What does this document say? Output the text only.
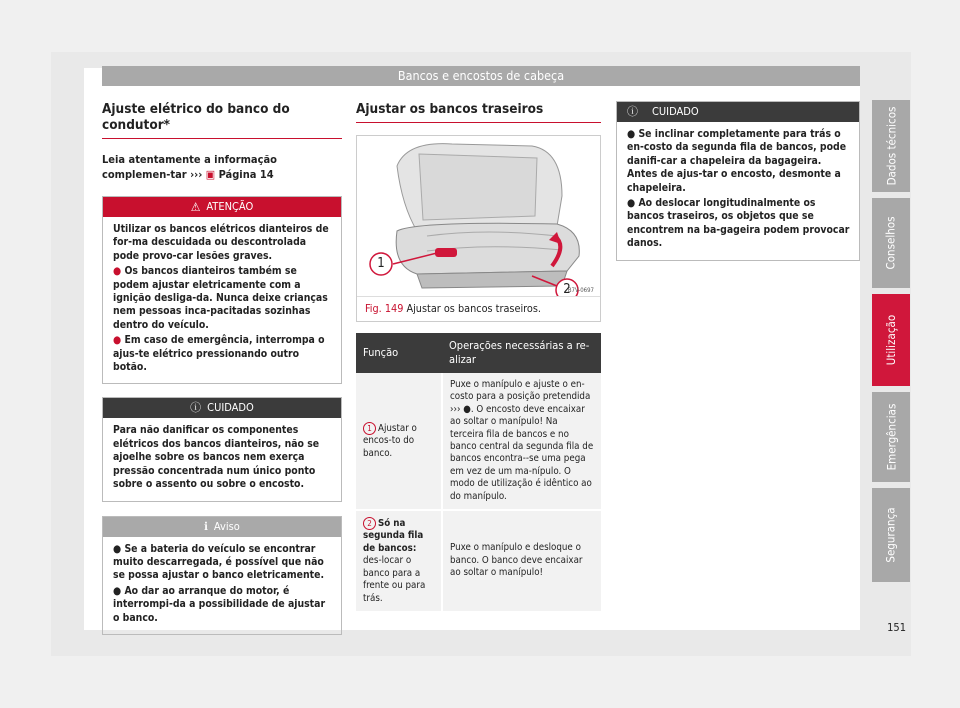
Bancos e encostos de cabeça
Dados técnicos
Conselhos
Utilização
Emergências
Segurança
Ajuste elétrico do banco do condutor*
Leia atentamente a informação complemen-tar ››› ▣ Página 14
⚠ ATENÇÃO

Utilizar os bancos elétricos dianteiros de for-ma descuidada ou descontrolada pode provo-car lesões graves.

● Os bancos dianteiros também se podem ajustar eletricamente com a ignição desliga-da. Nunca deixe crianças nem pessoas inca-pacitadas sozinhas dentro do veículo.

● Em caso de emergência, interrompa o ajus-te elétrico pressionando outro botão.

ⓘ CUIDADO

Para não danificar os componentes elétricos dos bancos dianteiros, não se ajoelhe sobre os bancos nem exerça pressão concentrada num único ponto sobre o assento ou sobre o encosto.

ℹ Aviso

● Se a bateria do veículo se encontrar muito descarregada, é possível que não se possa ajustar o banco eletricamente.

● Ao dar ao arranque do motor, é interrompi-da a possibilidade de ajustar o banco.

Ajustar os bancos traseiros
1
2
B7V-0697
Fig. 149 Ajustar os bancos traseiros.
Função	Operações necessárias a re-alizar
1 Ajustar o encos-to do banco.	Puxe o manípulo e ajuste o en-costo para a posição pretendida ››› ●. O encosto deve encaixar ao soltar o manípulo! Na terceira fila de bancos e no banco central da segunda fila de bancos encontra--se uma pega em vez de um ma-nípulo. O modo de utilização é idêntico ao do manípulo.
2 Só na segunda fila de bancos: des-locar o banco para a frente ou para trás.	Puxe o manípulo e desloque o banco. O banco deve encaixar ao soltar o manípulo!
ⓘ CUIDADO

● Se inclinar completamente para trás o en-costo da segunda fila de bancos, pode danifi-car a chapeleira da bagageira. Antes de ajus-tar o encosto, desmonte a chapeleira.

● Ao deslocar longitudinalmente os bancos traseiros, os objetos que se encontrem na ba-gageira podem provocar danos.

151
